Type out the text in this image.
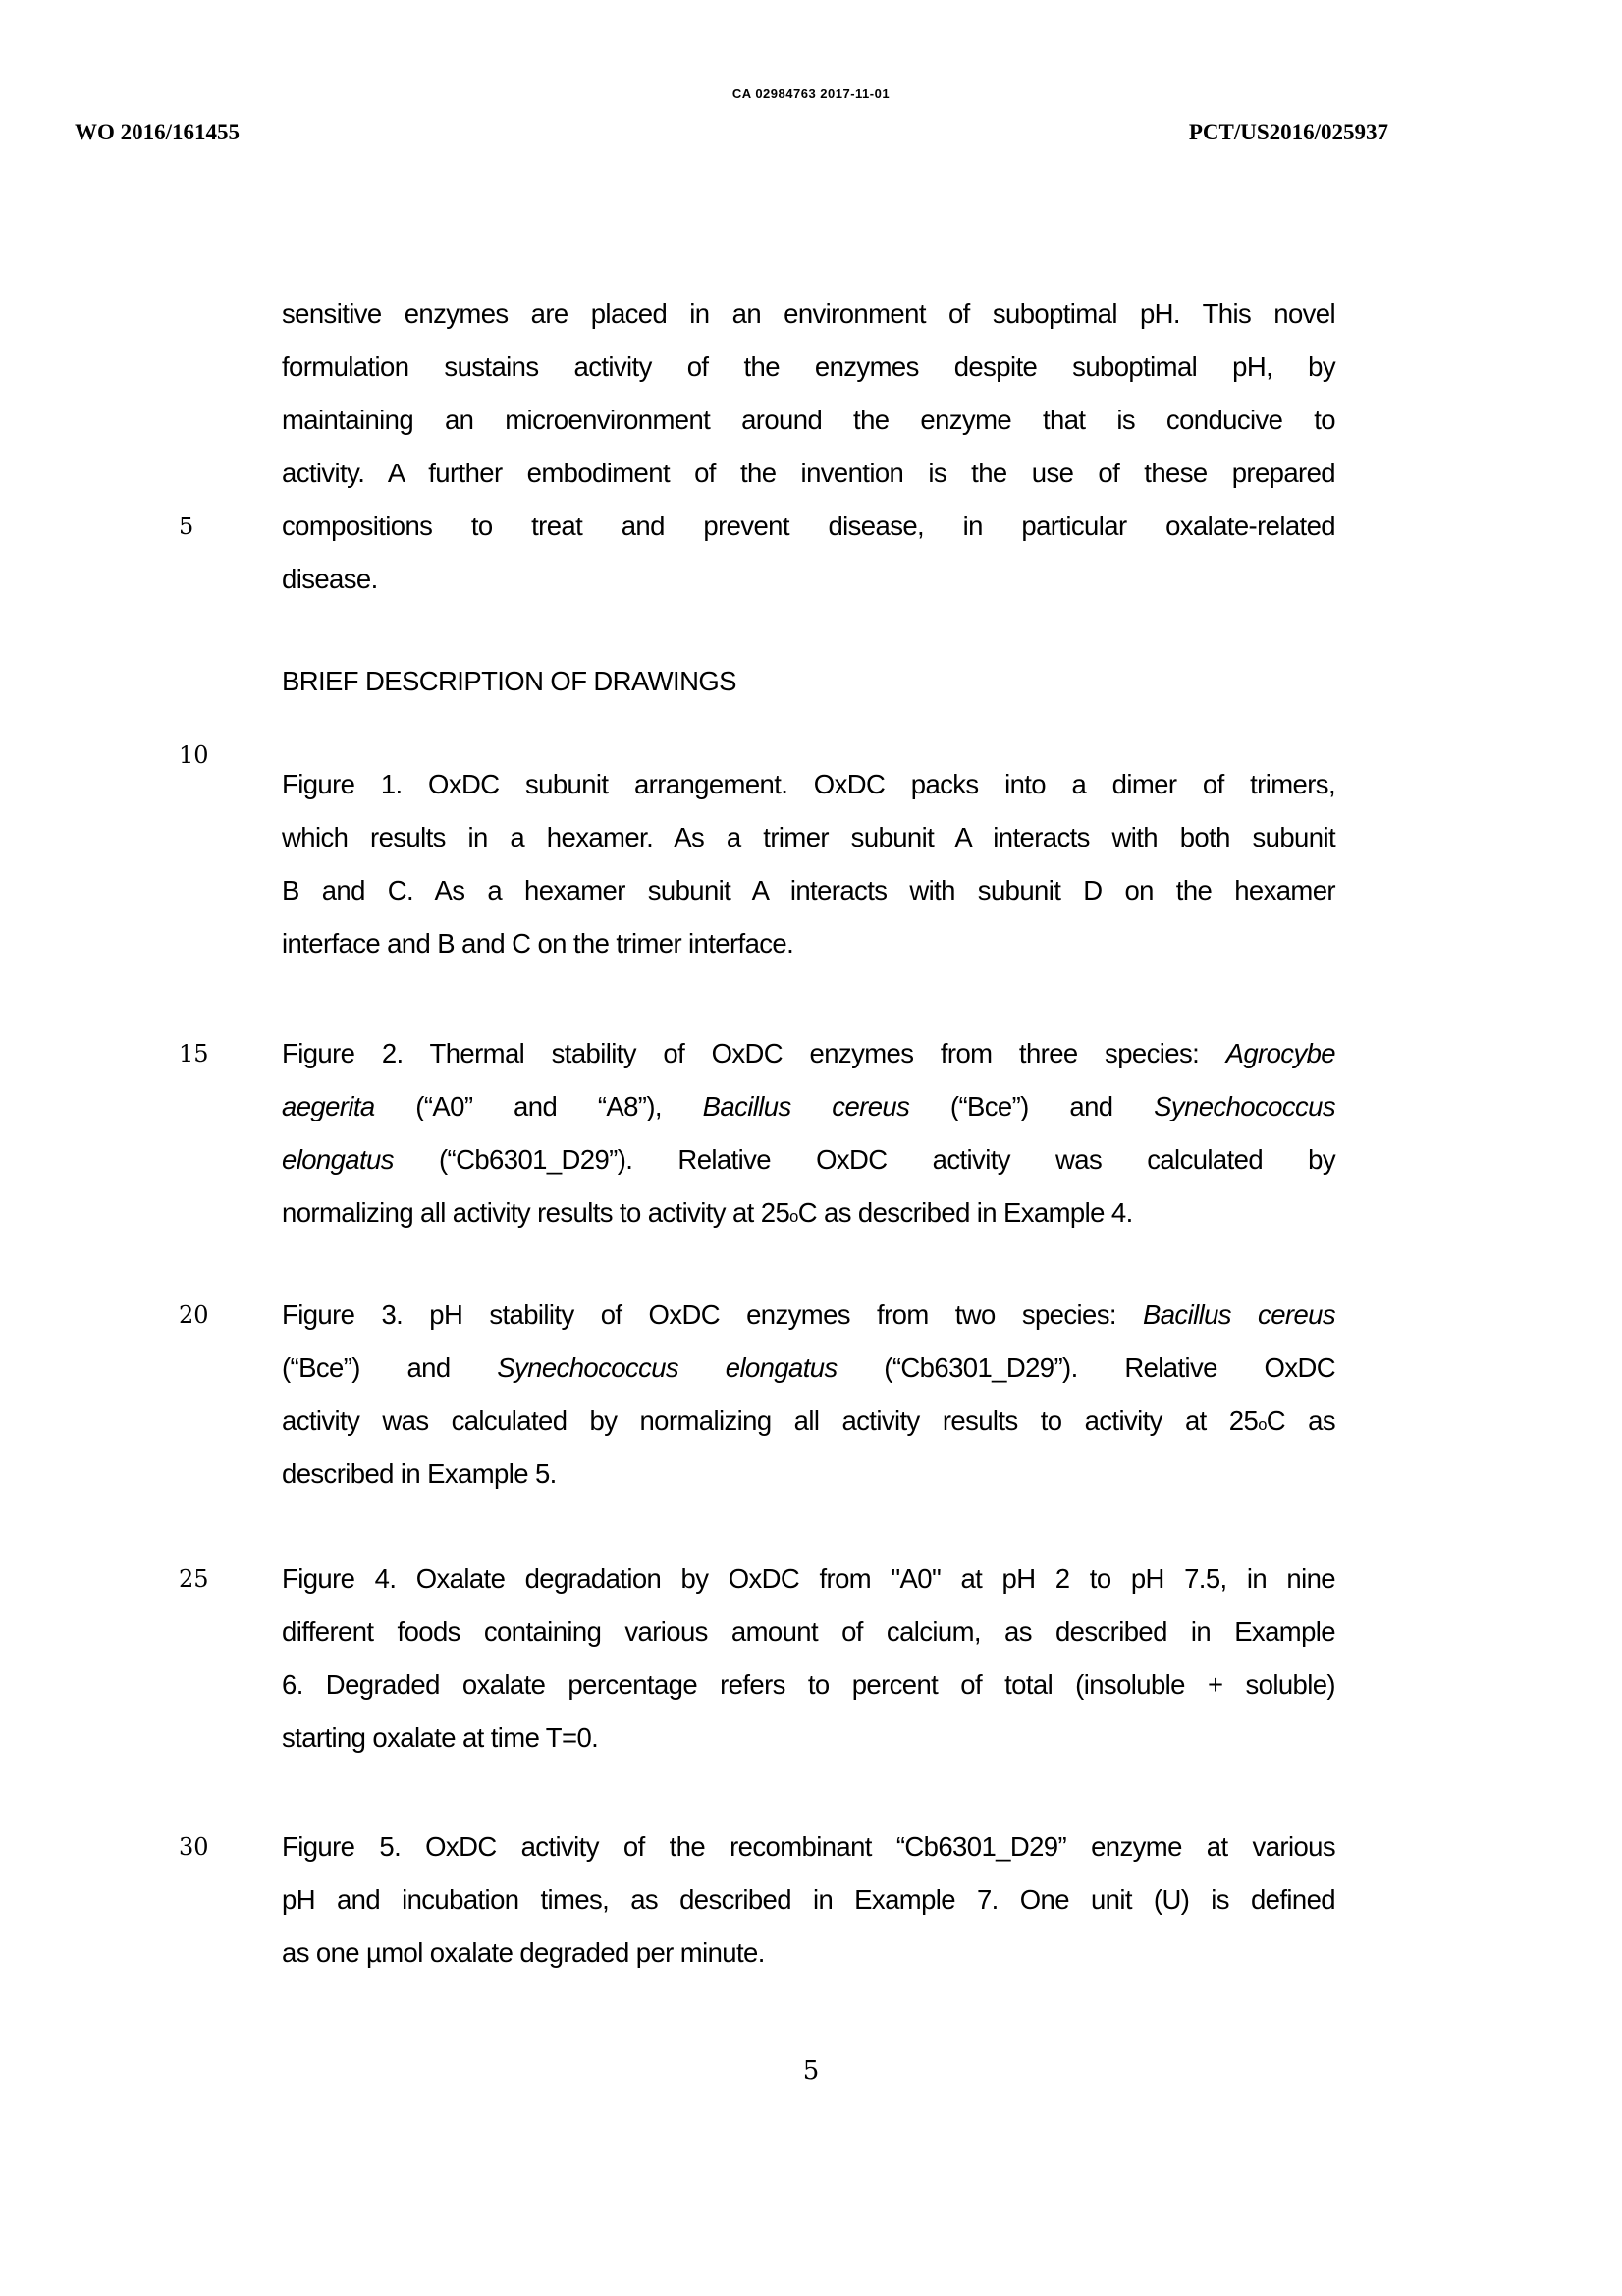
CA 02984763 2017-11-01
WO 2016/161455	PCT/US2016/025937
5
10
15
20
25
30
sensitive enzymes are placed in an environment of suboptimal pH. This novel
formulation sustains activity of the enzymes despite suboptimal pH, by
maintaining an microenvironment around the enzyme that is conducive to
activity. A further embodiment of the invention is the use of these prepared
compositions to treat and prevent disease, in particular oxalate-related
disease.
BRIEF DESCRIPTION OF DRAWINGS
Figure 1. OxDC subunit arrangement. OxDC packs into a dimer of trimers,
which results in a hexamer. As a trimer subunit A interacts with both subunit
B and C. As a hexamer subunit A interacts with subunit D on the hexamer
interface and B and C on the trimer interface.
Figure 2. Thermal stability of OxDC enzymes from three species: Agrocybe
aegerita (“A0” and “A8”), Bacillus cereus (“Bce”) and Synechococcus
elongatus (“Cb6301_D29”). Relative OxDC activity was calculated by
normalizing all activity results to activity at 25$^o$C as described in Example 4.
Figure 3. pH stability of OxDC enzymes from two species: Bacillus cereus
(“Bce”) and Synechococcus elongatus (“Cb6301_D29”). Relative OxDC
activity was calculated by normalizing all activity results to activity at 25$^o$C as
described in Example 5.
Figure 4. Oxalate degradation by OxDC from "A0" at pH 2 to pH 7.5, in nine
different foods containing various amount of calcium, as described in Example
6. Degraded oxalate percentage refers to percent of total (insoluble + soluble)
starting oxalate at time T=0.
Figure 5. OxDC activity of the recombinant “Cb6301_D29” enzyme at various
pH and incubation times, as described in Example 7. One unit (U) is defined
as one µmol oxalate degraded per minute.
5
